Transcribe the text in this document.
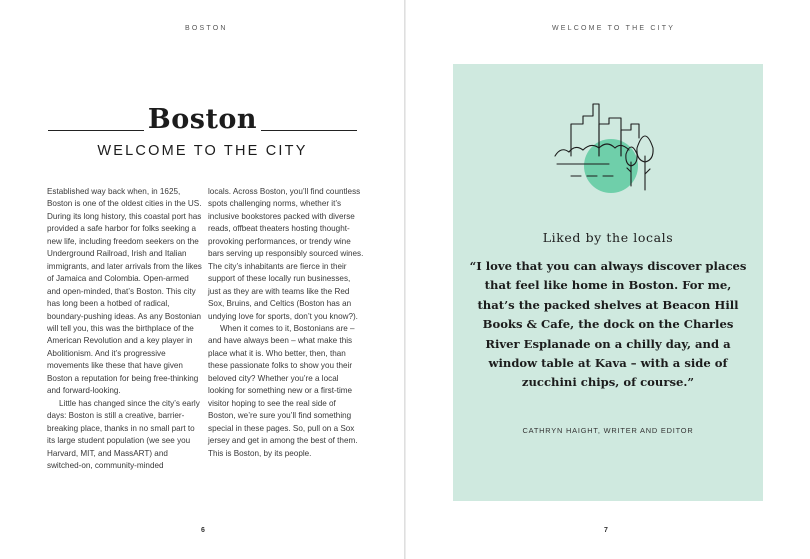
BOSTON	WELCOME TO THE CITY
Boston
WELCOME TO THE CITY

Established way back when, in 1625, Boston is one of the oldest cities in the US. During its long history, this coastal port has provided a safe harbor for folks seeking a new life, including freedom seekers on the Underground Railroad, Irish and Italian immigrants, and later arrivals from the likes of Jamaica and Colombia. Open-armed and open-minded, that’s Boston. This city has long been a hotbed of radical, boundary-pushing ideas. As any Bostonian will tell you, this was the birthplace of the American Revolution and a key player in Abolitionism. And it’s progressive movements like these that have given Boston a reputation for being free-thinking and forward-looking.

Little has changed since the city’s early days: Boston is still a creative, barrier-breaking place, thanks in no small part to its large student population (we see you Harvard, MIT, and MassART) and switched-on, community-minded

locals. Across Boston, you’ll find countless spots challenging norms, whether it’s inclusive bookstores packed with diverse reads, offbeat theaters hosting thought-provoking performances, or trendy wine bars serving up responsibly sourced wines. The city’s inhabitants are fierce in their support of these locally run businesses, just as they are with teams like the Red Sox, Bruins, and Celtics (Boston has an undying love for sports, don’t you know?).

When it comes to it, Bostonians are – and have always been – what make this place what it is. Who better, then, than these passionate folks to show you their beloved city? Whether you’re a local looking for something new or a first-time visitor hoping to see the real side of Boston, we’re sure you’ll find something special in these pages. So, pull on a Sox jersey and get in among the best of them. This is Boston, by its people.

6
Liked by the locals
“I love that you can always discover places that feel like home in Boston. For me, that’s the packed shelves at Beacon Hill Books & Cafe, the dock on the Charles River Esplanade on a chilly day, and a window table at Kava – with a side of zucchini chips, of course.”
CATHRYN HAIGHT, WRITER AND EDITOR
7
